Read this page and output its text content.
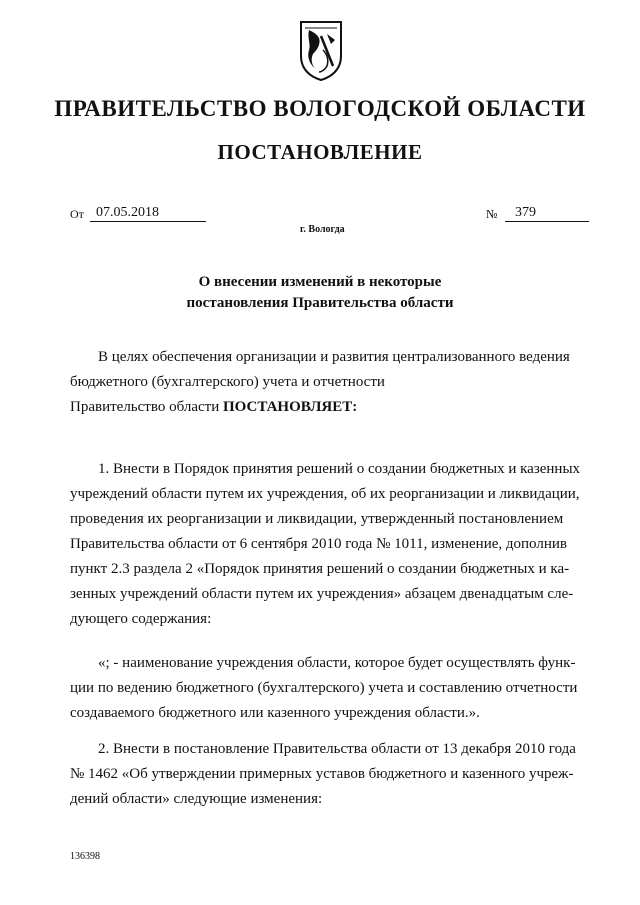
ПРАВИТЕЛЬСТВО ВОЛОГОДСКОЙ ОБЛАСТИ
ПОСТАНОВЛЕНИЕ
От 07.05.2018	№	379
г. Вологда
О внесении изменений в некоторые
постановления Правительства области
В целях обеспечения организации и развития централизованного ведения
бюджетного (бухгалтерского) учета и отчетности
Правительство области ПОСТАНОВЛЯЕТ:
1. Внести в Порядок принятия решений о создании бюджетных и казенных
учреждений области путем их учреждения, об их реорганизации и ликвидации,
проведения их реорганизации и ликвидации, утвержденный постановлением
Правительства области от 6 сентября 2010 года № 1011, изменение, дополнив
пункт 2.3 раздела 2 «Порядок принятия решений о создании бюджетных и ка-
зенных учреждений области путем их учреждения» абзацем двенадцатым сле-
дующего содержания:
«; - наименование учреждения области, которое будет осуществлять функ-
ции по ведению бюджетного (бухгалтерского) учета и составлению отчетности
создаваемого бюджетного или казенного учреждения области.».
2. Внести в постановление Правительства области от 13 декабря 2010 года
№ 1462 «Об утверждении примерных уставов бюджетного и казенного учреж-
дений области» следующие изменения:
136398
